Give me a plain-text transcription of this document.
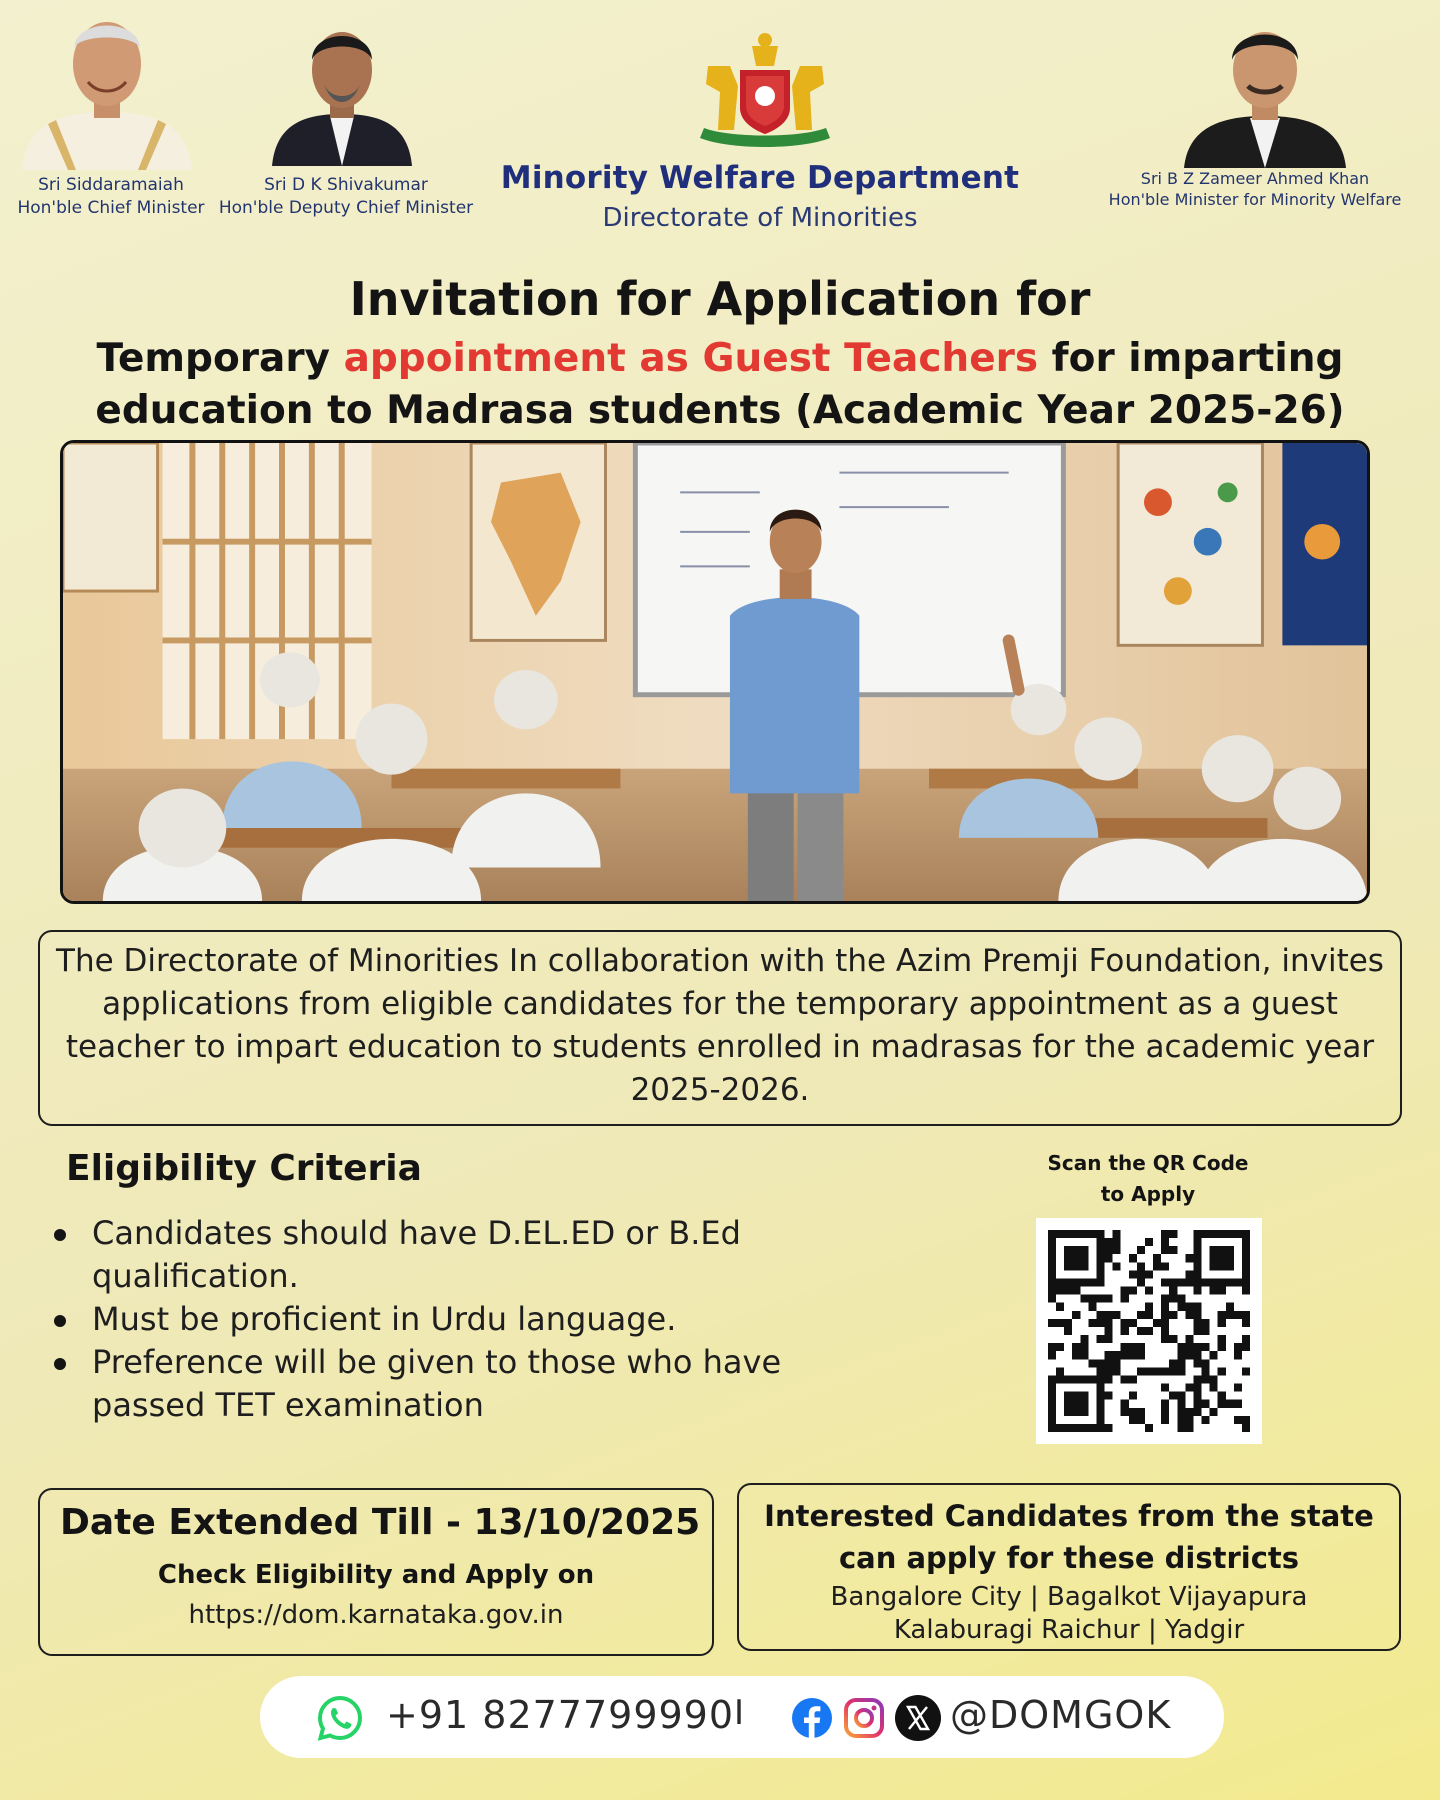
Sri Siddaramaiah
Hon'ble Chief Minister
Sri D K Shivakumar
Hon'ble Deputy Chief Minister
Minority Welfare Department
Directorate of Minorities
Sri B Z Zameer Ahmed Khan
Hon'ble Minister for Minority Welfare
Invitation for Application for
Temporary appointment as Guest Teachers for imparting
education to Madrasa students (Academic Year 2025-26)

The Directorate of Minorities In collaboration with the Azim Premji Foundation, invites applications from eligible candidates for the temporary appointment as a guest teacher to impart education to students enrolled in madrasas for the academic year 2025-2026.

Eligibility Criteria
Candidates should have D.EL.ED or B.Ed qualification.
Must be proficient in Urdu language.
Preference will be given to those who have passed TET examination
Scan the QR Code
to Apply
Date Extended Till - 13/10/2025
Check Eligibility and Apply on
https://dom.karnataka.gov.in
Interested Candidates from the state
can apply for these districts
Bangalore City | Bagalkot Vijayapura
Kalaburagi Raichur | Yadgir
+91 8277799990 I	@DOMGOK
